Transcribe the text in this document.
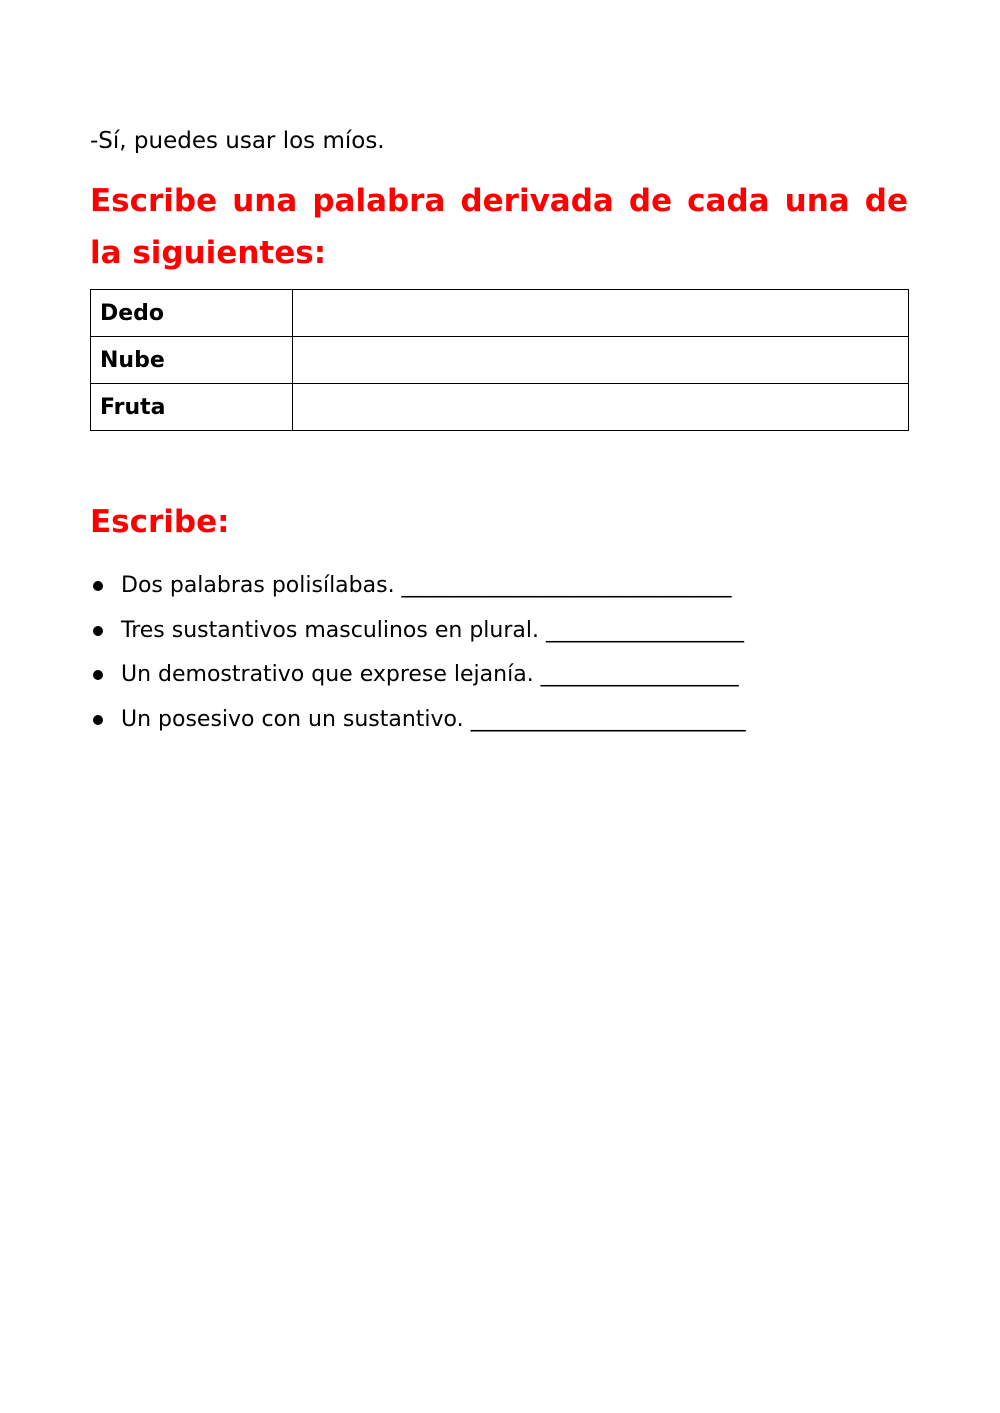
-Sí, puedes usar los míos.
Escribe una palabra derivada de cada una de la siguientes:
Dedo	
Nube	
Fruta	
Escribe:
Dos palabras polisílabas. ______________________________
Tres sustantivos masculinos en plural. __________________
Un demostrativo que exprese lejanía. __________________
Un posesivo con un sustantivo. _________________________
